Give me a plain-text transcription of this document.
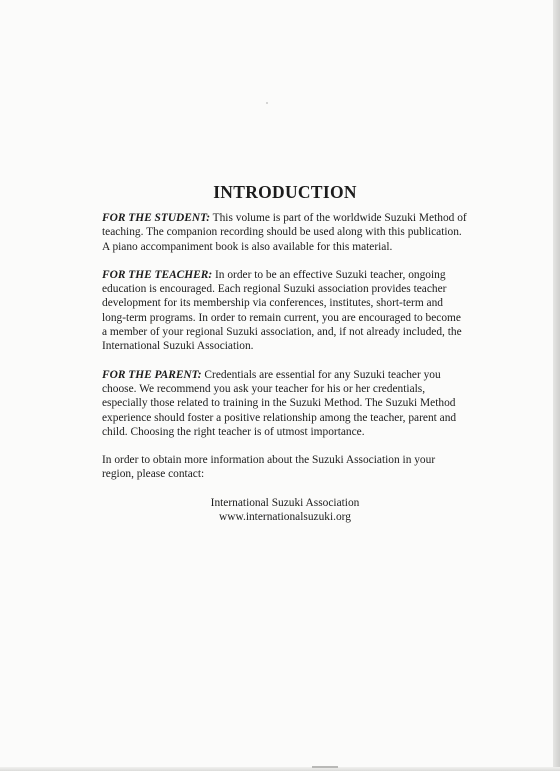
INTRODUCTION

FOR THE STUDENT: This volume is part of the worldwide Suzuki Method of teaching. The companion recording should be used along with this publication. A piano accompaniment book is also available for this material.

FOR THE TEACHER: In order to be an effective Suzuki teacher, ongoing education is encouraged. Each regional Suzuki association provides teacher development for its membership via conferences, institutes, short-term and long-term programs. In order to remain current, you are encouraged to become a member of your regional Suzuki association, and, if not already included, the International Suzuki Association.

FOR THE PARENT: Credentials are essential for any Suzuki teacher you choose. We recommend you ask your teacher for his or her credentials, especially those related to training in the Suzuki Method. The Suzuki Method experience should foster a positive relationship among the teacher, parent and child. Choosing the right teacher is of utmost importance.

In order to obtain more information about the Suzuki Association in your region, please contact:

International Suzuki Association
www.internationalsuzuki.org
